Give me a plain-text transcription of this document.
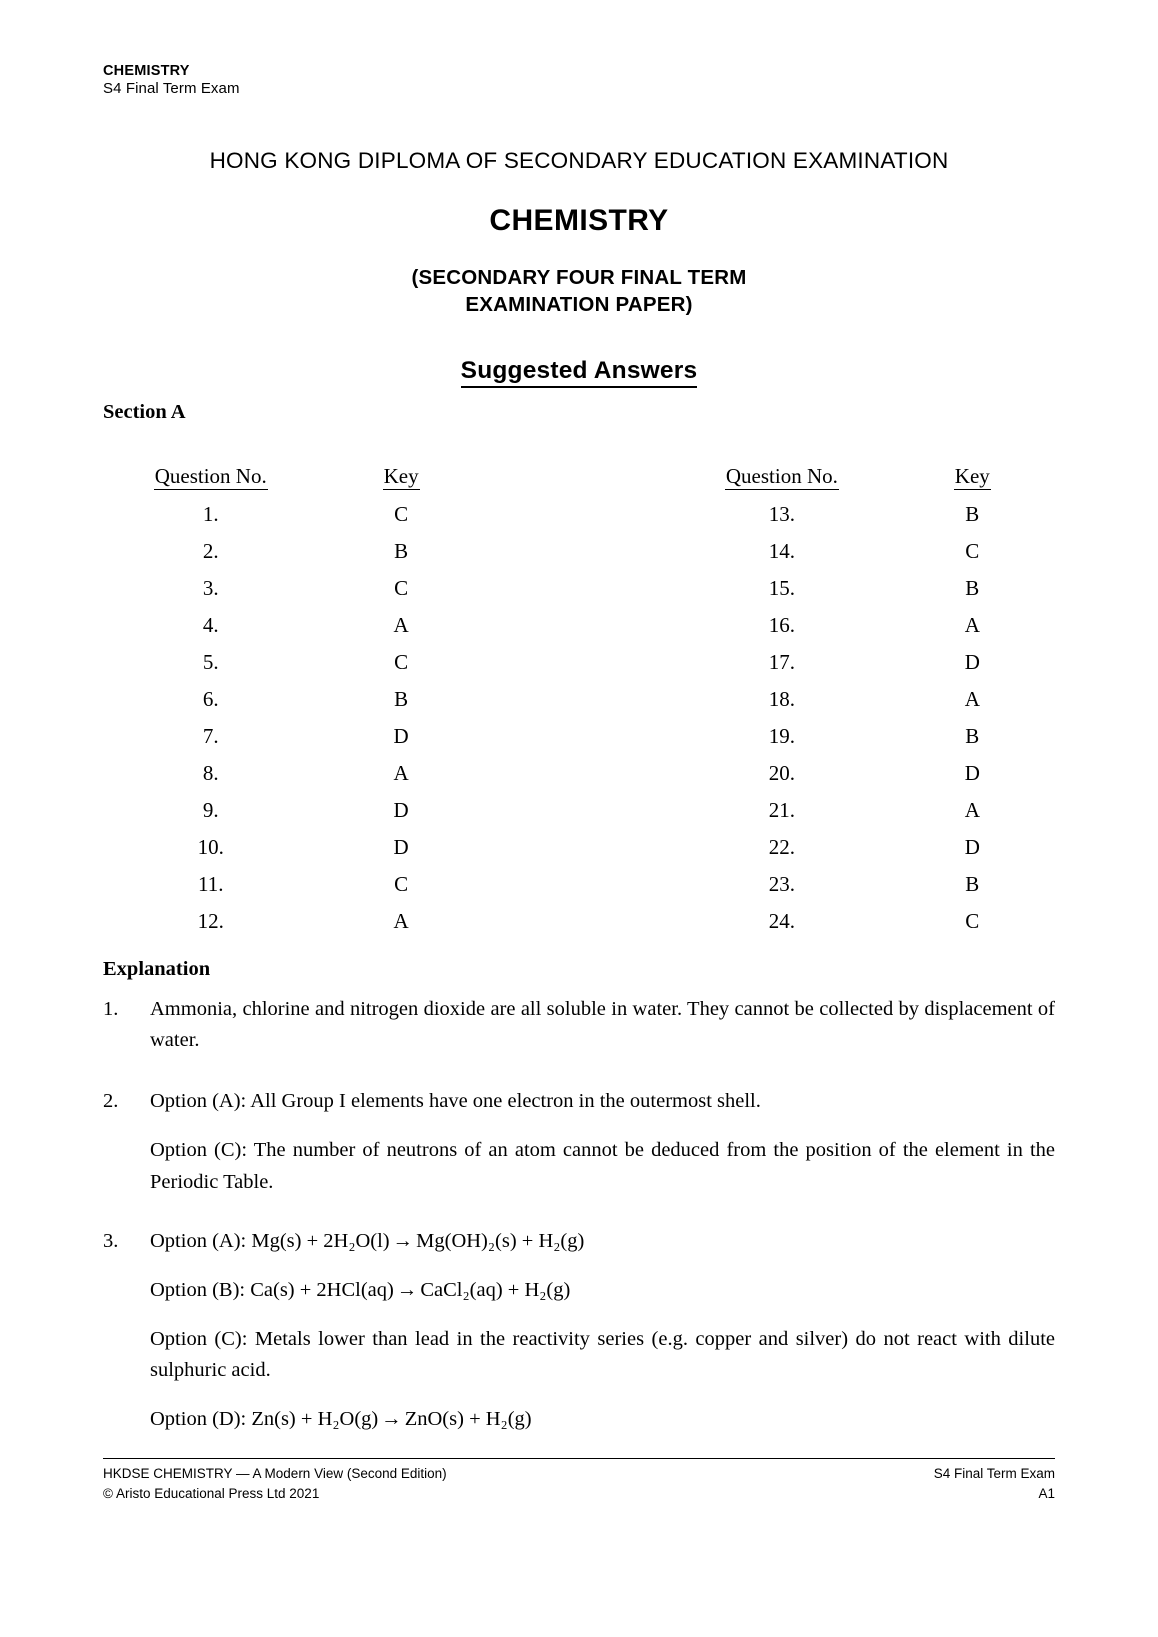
CHEMISTRY
S4 Final Term Exam
HONG KONG DIPLOMA OF SECONDARY EDUCATION EXAMINATION
CHEMISTRY
(SECONDARY FOUR FINAL TERM
EXAMINATION PAPER)
Suggested Answers
Section A
Question No.	Key		Question No.	Key
1.	C		13.	B
2.	B		14.	C
3.	C		15.	B
4.	A		16.	A
5.	C		17.	D
6.	B		18.	A
7.	D		19.	B
8.	A		20.	D
9.	D		21.	A
10.	D		22.	D
11.	C		23.	B
12.	A		24.	C
Explanation
1.	Ammonia, chlorine and nitrogen dioxide are all soluble in water. They cannot be collected by displacement of water.

2.	Option (A): All Group I elements have one electron in the outermost shell.

Option (C): The number of neutrons of an atom cannot be deduced from the position of the element in the Periodic Table.

3.	Option (A): Mg(s) + 2H₂O(l) → Mg(OH)₂(s) + H₂(g)

Option (B): Ca(s) + 2HCl(aq) → CaCl₂(aq) + H₂(g)

Option (C): Metals lower than lead in the reactivity series (e.g. copper and silver) do not react with dilute sulphuric acid.

Option (D): Zn(s) + H₂O(g) → ZnO(s) + H₂(g)

HKDSE CHEMISTRY — A Modern View (Second Edition)	S4 Final Term Exam
© Aristo Educational Press Ltd 2021	A1
